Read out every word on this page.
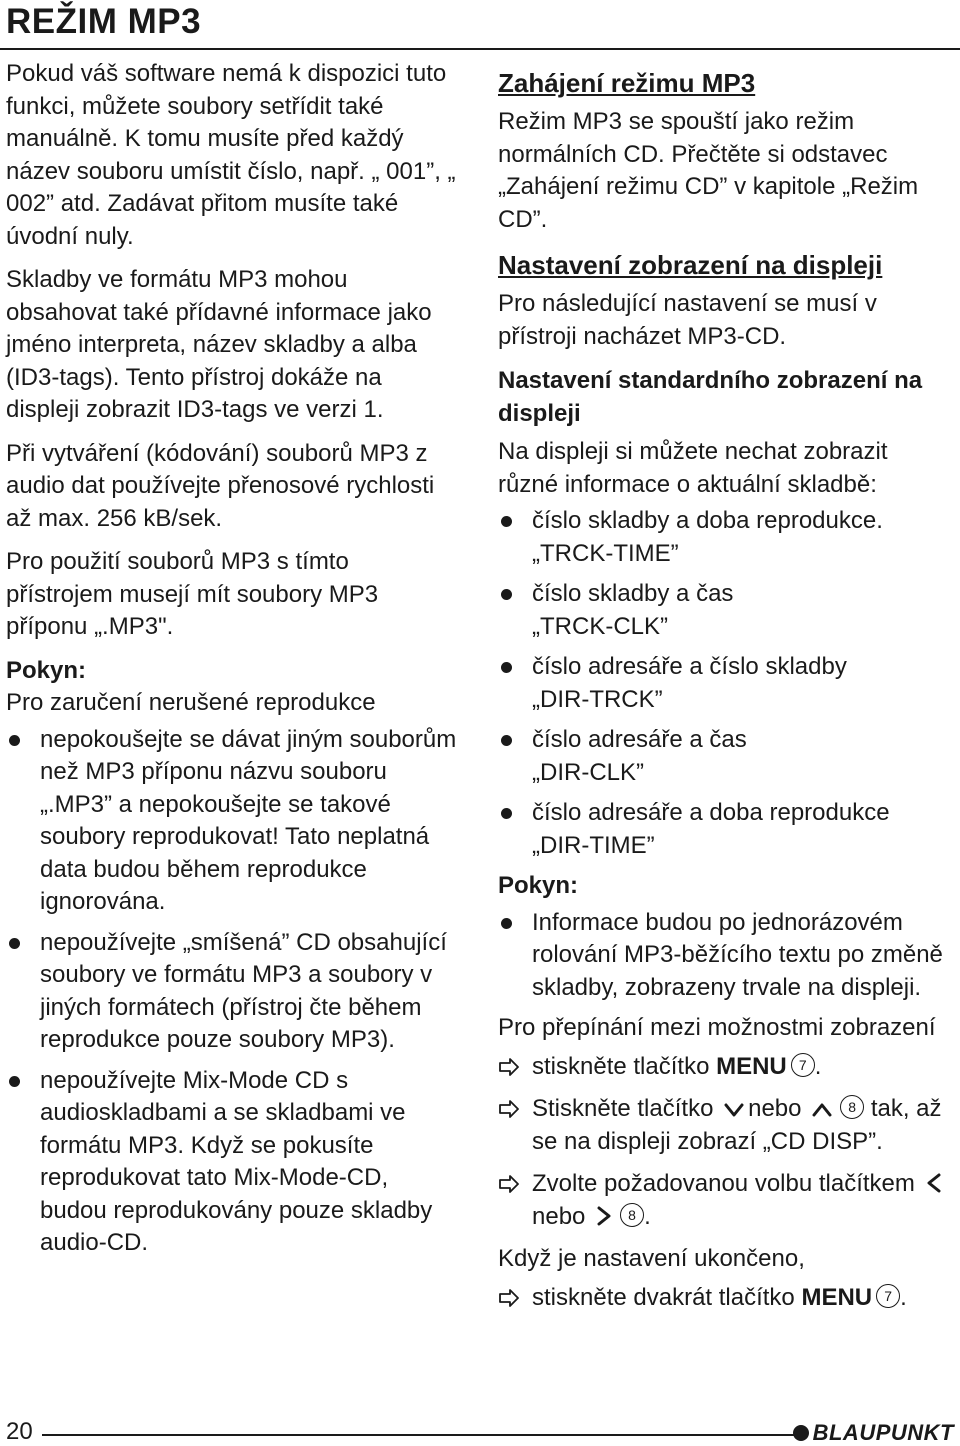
REŽIM MP3

Pokud váš software nemá k dispozici tuto funkci, můžete soubory setřídit také manuálně. K tomu musíte před každý název souboru umístit číslo, např. „ 001”, „ 002” atd. Zadávat přitom musíte také úvodní nuly.

Skladby ve formátu MP3 mohou obsahovat také přídavné informace jako jméno interpreta, název skladby a alba (ID3-tags). Tento přístroj dokáže na displeji zobrazit ID3-tags ve verzi 1.

Při vytváření (kódování) souborů MP3 z audio dat používejte přenosové rychlosti až max. 256 kB/sek.

Pro použití souborů MP3 s tímto přístrojem musejí mít soubory MP3 příponu „.MP3".

Pokyn:

Pro zaručení nerušené reprodukce

nepokoušejte se dávat jiným souborům než MP3 příponu názvu souboru „.MP3” a nepokoušejte se takové soubory reprodukovat! Tato neplatná data budou během reprodukce ignorována.
nepoužívejte „smíšená” CD obsahující soubory ve formátu MP3 a soubory v jiných formátech (přístroj čte během reprodukce pouze soubory MP3).
nepoužívejte Mix-Mode CD s audioskladbami a se skladbami ve formátu MP3. Když se pokusíte reprodukovat tato Mix-Mode-CD, budou reprodukovány pouze skladby audio-CD.
Zahájení režimu MP3

Režim MP3 se spouští jako režim normálních CD. Přečtěte si odstavec „Zahájení režimu CD” v kapitole „Režim CD”.

Nastavení zobrazení na displeji

Pro následující nastavení se musí v přístroji nacházet MP3-CD.

Nastavení standardního zobrazení na displeji

Na displeji si můžete nechat zobrazit různé informace o aktuální skladbě:

číslo skladby a doba reprodukce.
„TRCK-TIME”
číslo skladby a čas
„TRCK-CLK”
číslo adresáře a číslo skladby
„DIR-TRCK”
číslo adresáře a čas
„DIR-CLK”
číslo adresáře a doba reprodukce
„DIR-TIME”
Pokyn:
Informace budou po jednorázovém rolování MP3-běžícího textu po změně skladby, zobrazeny trvale na displeji.

Pro přepínání mezi možnostmi zobrazení

stiskněte tlačítko MENU 7 .
Stiskněte tlačítko nebo	8 tak, až se na displeji zobrazí „CD DISP”.
Zvolte požadovanou volbu tlačítkem nebo	8 .

Když je nastavení ukončeno,

stiskněte dvakrát tlačítko MENU 7 .
20	BLAUPUNKT
